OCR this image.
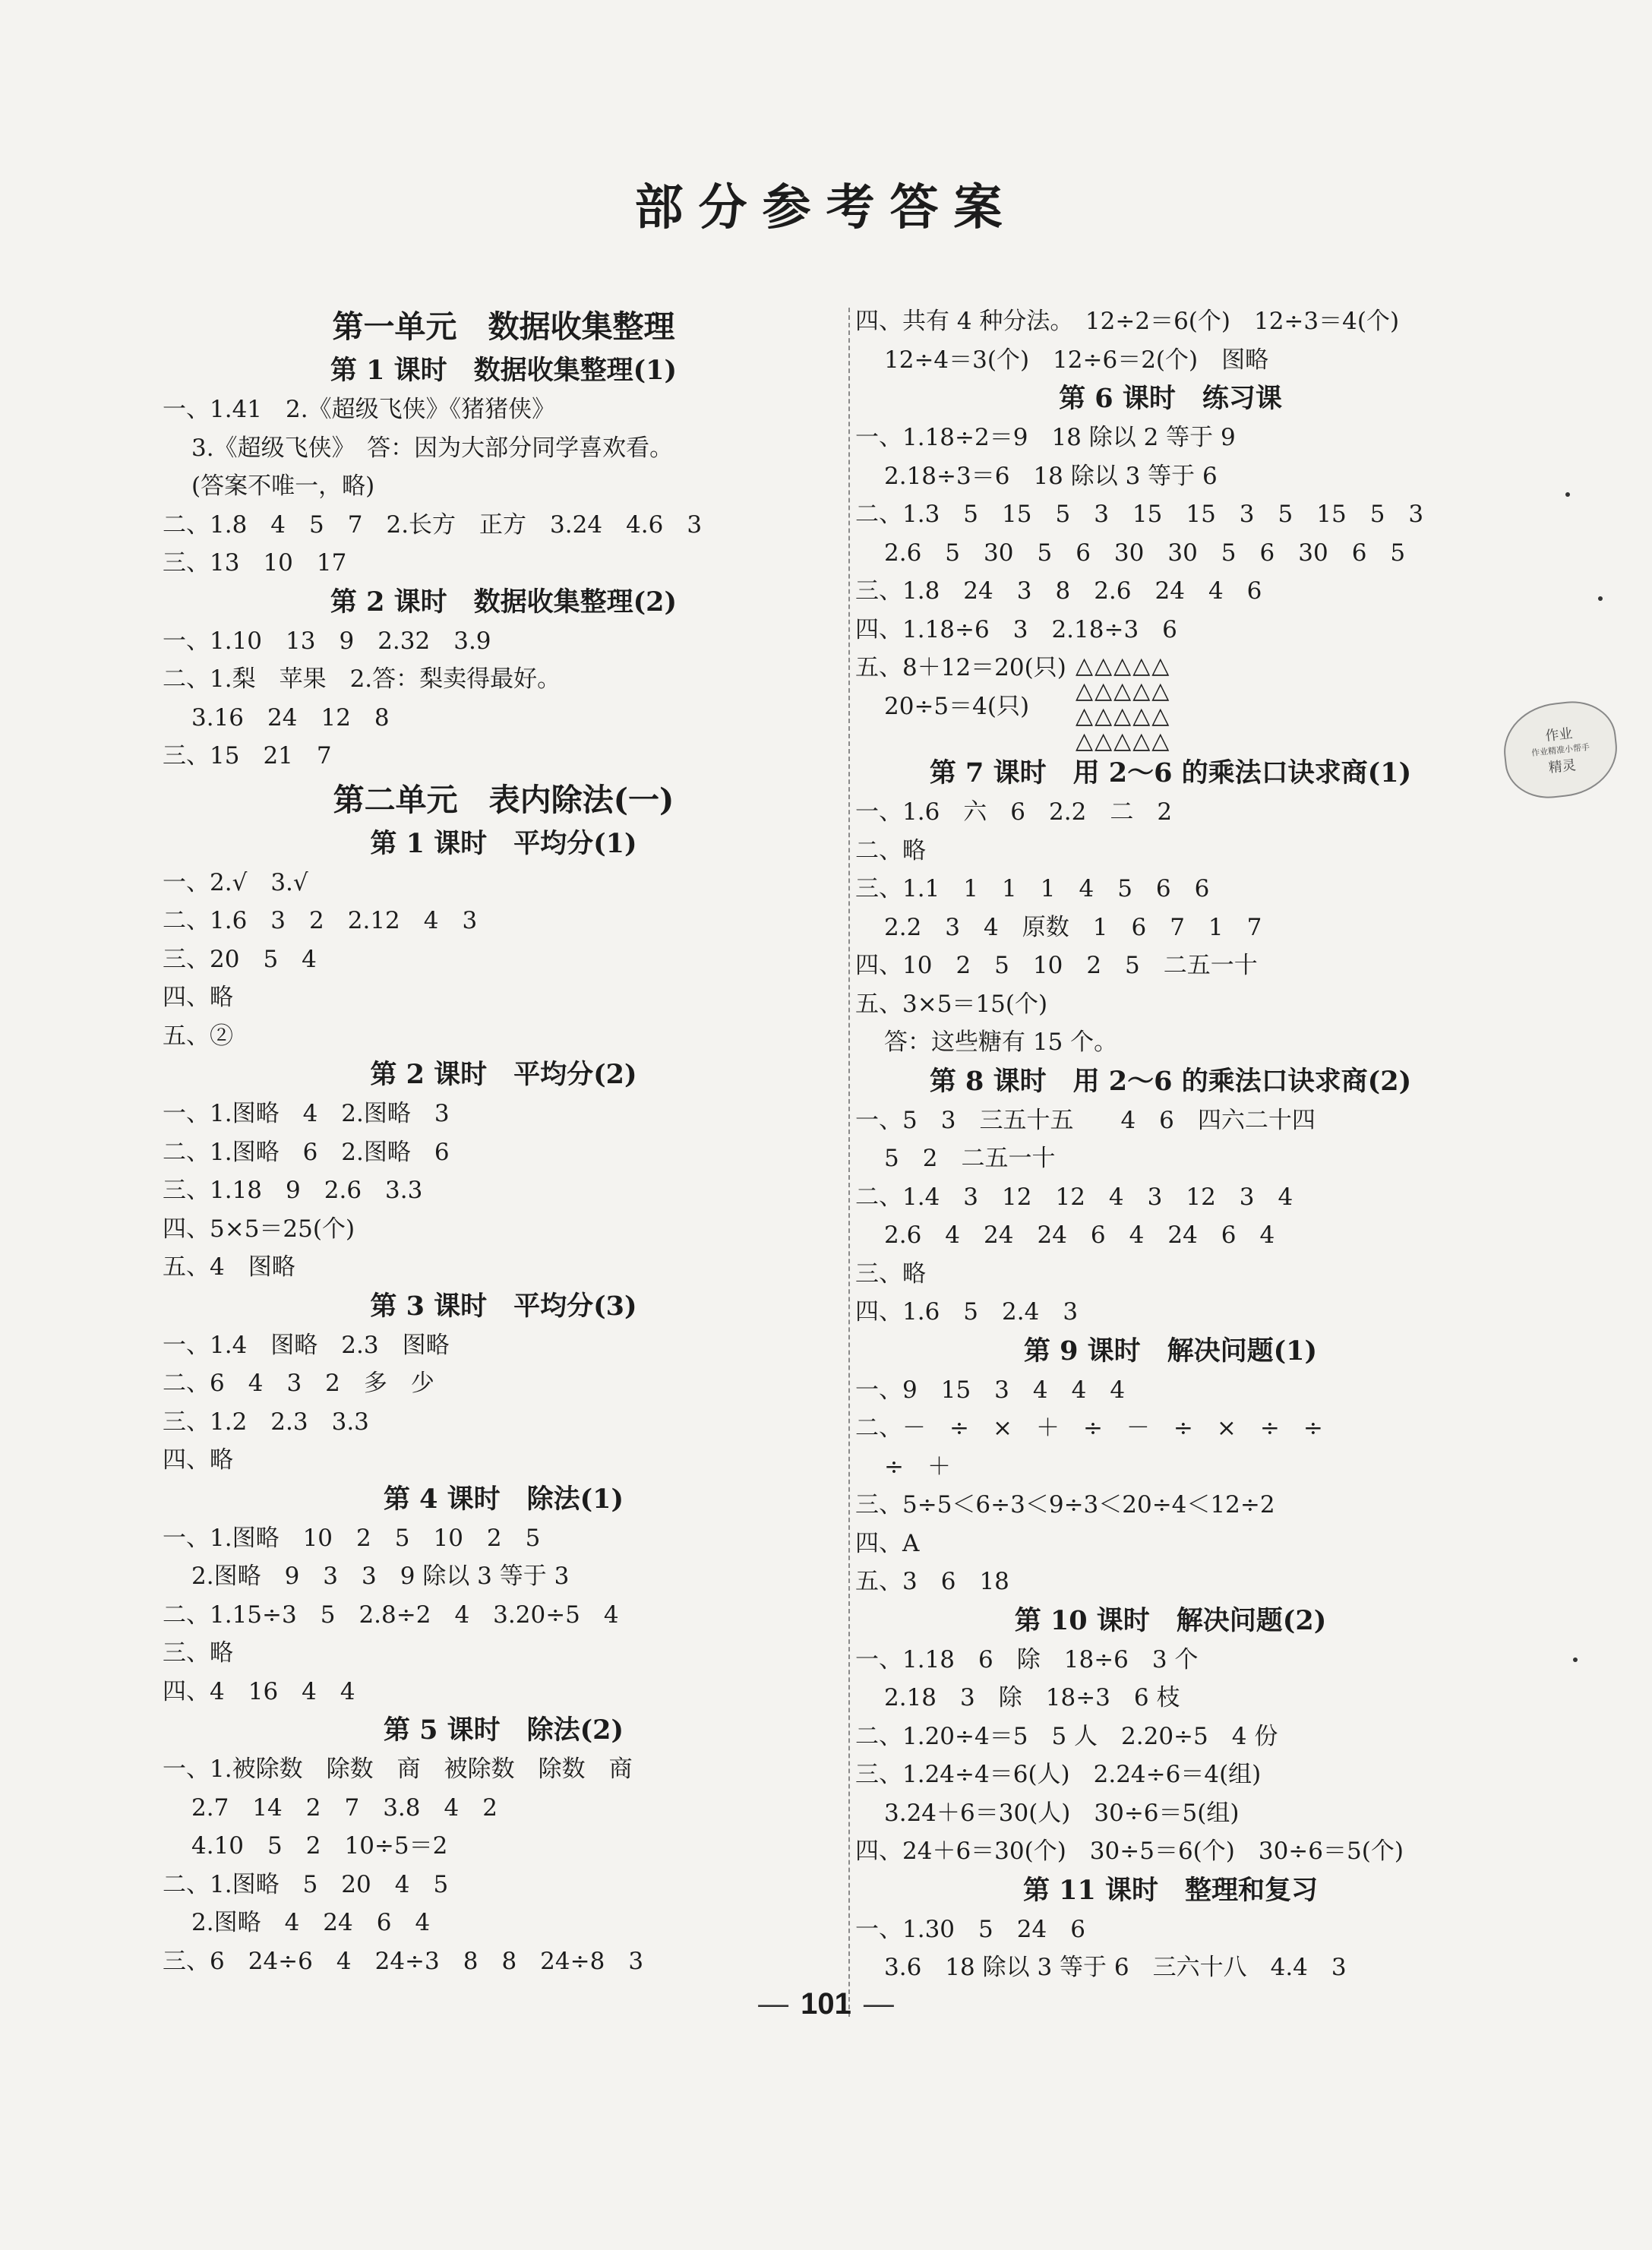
部分参考答案
第一单元　数据收集整理
第 1 课时　数据收集整理(1)
一、1.41　2.《超级飞侠》《猪猪侠》
3.《超级飞侠》　答：因为大部分同学喜欢看。
(答案不唯一，略)
二、1.8　4　5　7　2.长方　正方　3.24　4.6　3
三、13　10　17
第 2 课时　数据收集整理(2)
一、1.10　13　9　2.32　3.9
二、1.梨　苹果　2.答：梨卖得最好。
3.16　24　12　8
三、15　21　7
第二单元　表内除法(一)
第 1 课时　平均分(1)
一、2.√　3.√
二、1.6　3　2　2.12　4　3
三、20　5　4
四、略
五、②
第 2 课时　平均分(2)
一、1.图略　4　2.图略　3
二、1.图略　6　2.图略　6
三、1.18　9　2.6　3.3
四、5×5＝25(个)
五、4　图略
第 3 课时　平均分(3)
一、1.4　图略　2.3　图略
二、6　4　3　2　多　少
三、1.2　2.3　3.3
四、略
第 4 课时　除法(1)
一、1.图略　10　2　5　10　2　5
2.图略　9　3　3　9 除以 3 等于 3
二、1.15÷3　5　2.8÷2　4　3.20÷5　4
三、略
四、4　16　4　4
第 5 课时　除法(2)
一、1.被除数　除数　商　被除数　除数　商
2.7　14　2　7　3.8　4　2
4.10　5　2　10÷5＝2
二、1.图略　5　20　4　5
2.图略　4　24　6　4
三、6　24÷6　4　24÷3　8　8　24÷8　3
四、共有 4 种分法。　12÷2＝6(个)　12÷3＝4(个)
12÷4＝3(个)　12÷6＝2(个)　图略
第 6 课时　练习课
一、1.18÷2＝9　18 除以 2 等于 9
2.18÷3＝6　18 除以 3 等于 6
二、1.3　5　15　5　3　15　15　3　5　15　5　3
2.6　5　30　5　6　30　30　5　6　30　6　5
三、1.8　24　3　8　2.6　24　4　6
四、1.18÷6　3　2.18÷3　6
五、8＋12＝20(只)
20÷5＝4(只)
△△△△△
△△△△△
△△△△△
△△△△△
第 7 课时　用 2～6 的乘法口诀求商(1)
一、1.6　六　6　2.2　二　2
二、略
三、1.1　1　1　1　4　5　6　6
2.2　3　4　原数　1　6　7　1　7
四、10　2　5　10　2　5　二五一十
五、3×5＝15(个)
答：这些糖有 15 个。
第 8 课时　用 2～6 的乘法口诀求商(2)
一、5　3　三五十五　　4　6　四六二十四
5　2　二五一十
二、1.4　3　12　12　4　3　12　3　4
2.6　4　24　24　6　4　24　6　4
三、略
四、1.6　5　2.4　3
第 9 课时　解决问题(1)
一、9　15　3　4　4　4
二、－　÷　×　＋　÷　－　÷　×　÷　÷
÷　＋
三、5÷5＜6÷3＜9÷3＜20÷4＜12÷2
四、A
五、3　6　18
第 10 课时　解决问题(2)
一、1.18　6　除　18÷6　3 个
2.18　3　除　18÷3　6 枝
二、1.20÷4＝5　5 人　2.20÷5　4 份
三、1.24÷4＝6(人)　2.24÷6＝4(组)
3.24＋6＝30(人)　30÷6＝5(组)
四、24＋6＝30(个)　30÷5＝6(个)　30÷6＝5(个)
第 11 课时　整理和复习
一、1.30　5　24　6
3.6　18 除以 3 等于 6　三六十八　4.4　3
作业
作业精准小帮手
精灵
— 101 —
